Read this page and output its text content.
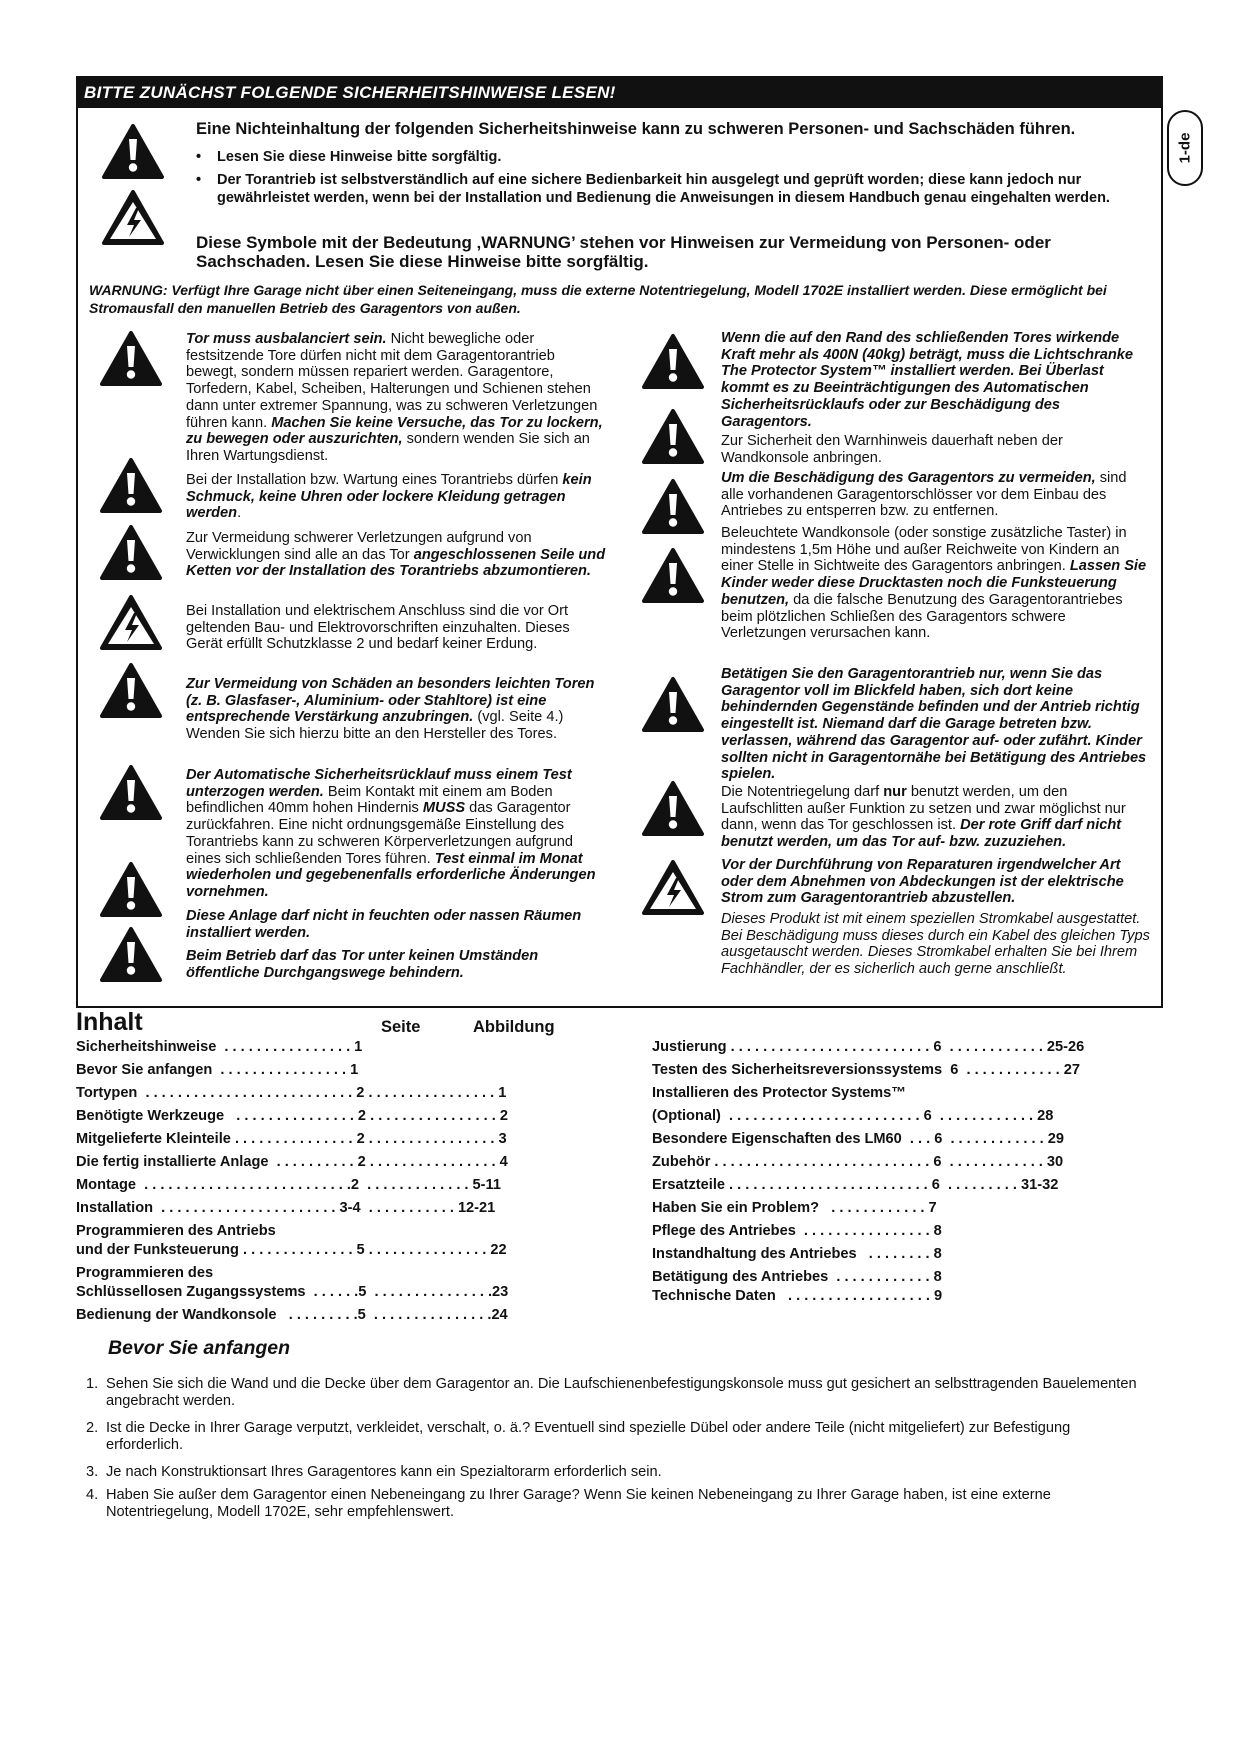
1-de
BITTE ZUNÄCHST FOLGENDE SICHERHEITSHINWEISE LESEN!
Eine Nichteinhaltung der folgenden Sicherheitshinweise kann zu schweren Personen- und Sachschäden führen.
• Lesen Sie diese Hinweise bitte sorgfältig.
• Der Torantrieb ist selbstverständlich auf eine sichere Bedienbarkeit hin ausgelegt und geprüft worden; diese kann jedoch nur gewährleistet werden, wenn bei der Installation und Bedienung die Anweisungen in diesem Handbuch genau eingehalten werden.
Diese Symbole mit der Bedeutung ‚WARNUNG’ stehen vor Hinweisen zur Vermeidung von Personen- oder Sachschaden. Lesen Sie diese Hinweise bitte sorgfältig.
WARNUNG: Verfügt Ihre Garage nicht über einen Seiteneingang, muss die externe Notentriegelung, Modell 1702E installiert werden. Diese ermöglicht bei Stromausfall den manuellen Betrieb des Garagentors von außen.
Tor muss ausbalanciert sein. Nicht bewegliche oder festsitzende Tore dürfen nicht mit dem Garagentorantrieb bewegt, sondern müssen repariert werden. Garagentore, Torfedern, Kabel, Scheiben, Halterungen und Schienen stehen dann unter extremer Spannung, was zu schweren Verletzungen führen kann. Machen Sie keine Versuche, das Tor zu lockern, zu bewegen oder auszurichten, sondern wenden Sie sich an Ihren Wartungsdienst.
Bei der Installation bzw. Wartung eines Torantriebs dürfen kein Schmuck, keine Uhren oder lockere Kleidung getragen werden.
Zur Vermeidung schwerer Verletzungen aufgrund von Verwicklungen sind alle an das Tor angeschlossenen Seile und Ketten vor der Installation des Torantriebs abzumontieren.
Bei Installation und elektrischem Anschluss sind die vor Ort geltenden Bau- und Elektrovorschriften einzuhalten. Dieses Gerät erfüllt Schutzklasse 2 und bedarf keiner Erdung.
Zur Vermeidung von Schäden an besonders leichten Toren (z. B. Glasfaser-, Aluminium- oder Stahltore) ist eine entsprechende Verstärkung anzubringen. (vgl. Seite 4.) Wenden Sie sich hierzu bitte an den Hersteller des Tores.
Der Automatische Sicherheitsrücklauf muss einem Test unterzogen werden. Beim Kontakt mit einem am Boden befindlichen 40mm hohen Hindernis MUSS das Garagentor zurückfahren. Eine nicht ordnungsgemäße Einstellung des Torantriebs kann zu schweren Körperverletzungen aufgrund eines sich schließenden Tores führen. Test einmal im Monat wiederholen und gegebenenfalls erforderliche Änderungen vornehmen.
Diese Anlage darf nicht in feuchten oder nassen Räumen installiert werden.
Beim Betrieb darf das Tor unter keinen Umständen öffentliche Durchgangswege behindern.
Wenn die auf den Rand des schließenden Tores wirkende Kraft mehr als 400N (40kg) beträgt, muss die Lichtschranke The Protector System™ installiert werden. Bei Überlast kommt es zu Beeinträchtigungen des Automatischen Sicherheitsrücklaufs oder zur Beschädigung des Garagentors.
Zur Sicherheit den Warnhinweis dauerhaft neben der Wandkonsole anbringen.
Um die Beschädigung des Garagentors zu vermeiden, sind alle vorhandenen Garagentorschlösser vor dem Einbau des Antriebes zu entsperren bzw. zu entfernen.
Beleuchtete Wandkonsole (oder sonstige zusätzliche Taster) in mindestens 1,5m Höhe und außer Reichweite von Kindern an einer Stelle in Sichtweite des Garagentors anbringen. Lassen Sie Kinder weder diese Drucktasten noch die Funksteuerung benutzen, da die falsche Benutzung des Garagentorantriebes beim plötzlichen Schließen des Garagentors schwere Verletzungen verursachen kann.
Betätigen Sie den Garagentorantrieb nur, wenn Sie das Garagentor voll im Blickfeld haben, sich dort keine behindernden Gegenstände befinden und der Antrieb richtig eingestellt ist. Niemand darf die Garage betreten bzw. verlassen, während das Garagentor auf- oder zufährt. Kinder sollten nicht in Garagentornähe bei Betätigung des Antriebes spielen.
Die Notentriegelung darf nur benutzt werden, um den Laufschlitten außer Funktion zu setzen und zwar möglichst nur dann, wenn das Tor geschlossen ist. Der rote Griff darf nicht benutzt werden, um das Tor auf- bzw. zuzuziehen.
Vor der Durchführung von Reparaturen irgendwelcher Art oder dem Abnehmen von Abdeckungen ist der elektrische Strom zum Garagentorantrieb abzustellen.
Dieses Produkt ist mit einem speziellen Stromkabel ausgestattet. Bei Beschädigung muss dieses durch ein Kabel des gleichen Typs ausgetauscht werden. Dieses Stromkabel erhalten Sie bei Ihrem Fachhändler, der es sicherlich auch gerne anschließt.
Inhalt	Seite	Abbildung
Sicherheitshinweise  . . . . . . . . . . . . . . . . 1
Bevor Sie anfangen  . . . . . . . . . . . . . . . . 1
Tortypen  . . . . . . . . . . . . . . . . . . . . . . . . . . 2 . . . . . . . . . . . . . . . . 1
Benötigte Werkzeuge   . . . . . . . . . . . . . . . 2 . . . . . . . . . . . . . . . . 2
Mitgelieferte Kleinteile . . . . . . . . . . . . . . . 2 . . . . . . . . . . . . . . . . 3
Die fertig installierte Anlage  . . . . . . . . . . 2 . . . . . . . . . . . . . . . . 4
Montage  . . . . . . . . . . . . . . . . . . . . . . . . . .2  . . . . . . . . . . . . . 5-11
Installation  . . . . . . . . . . . . . . . . . . . . . . 3-4  . . . . . . . . . . . 12-21
Programmieren des Antriebs
und der Funksteuerung . . . . . . . . . . . . . . 5 . . . . . . . . . . . . . . . 22
Programmieren des
Schlüssellosen Zugangssystems  . . . . . .5  . . . . . . . . . . . . . . .23
Bedienung der Wandkonsole   . . . . . . . . .5  . . . . . . . . . . . . . . .24
Justierung . . . . . . . . . . . . . . . . . . . . . . . . . 6  . . . . . . . . . . . . 25-26
Testen des Sicherheitsreversionssystems  6  . . . . . . . . . . . . 27
Installieren des Protector Systems™
(Optional)  . . . . . . . . . . . . . . . . . . . . . . . . 6  . . . . . . . . . . . . 28
Besondere Eigenschaften des LM60  . . . 6  . . . . . . . . . . . . 29
Zubehör . . . . . . . . . . . . . . . . . . . . . . . . . . . 6  . . . . . . . . . . . . 30
Ersatzteile . . . . . . . . . . . . . . . . . . . . . . . . . 6  . . . . . . . . . 31-32
Haben Sie ein Problem?   . . . . . . . . . . . . 7
Pflege des Antriebes  . . . . . . . . . . . . . . . . 8
Instandhaltung des Antriebes   . . . . . . . . 8
Betätigung des Antriebes  . . . . . . . . . . . . 8
Technische Daten   . . . . . . . . . . . . . . . . . . 9
Bevor Sie anfangen
1. Sehen Sie sich die Wand und die Decke über dem Garagentor an. Die Laufschienenbefestigungskonsole muss gut gesichert an selbsttragenden Bauelementen angebracht werden.
2. Ist die Decke in Ihrer Garage verputzt, verkleidet, verschalt, o. ä.? Eventuell sind spezielle Dübel oder andere Teile (nicht mitgeliefert) zur Befestigung erforderlich.
3. Je nach Konstruktionsart Ihres Garagentores kann ein Spezialtorarm erforderlich sein.
4. Haben Sie außer dem Garagentor einen Nebeneingang zu Ihrer Garage? Wenn Sie keinen Nebeneingang zu Ihrer Garage haben, ist eine externe Notentriegelung, Modell 1702E, sehr empfehlenswert.
